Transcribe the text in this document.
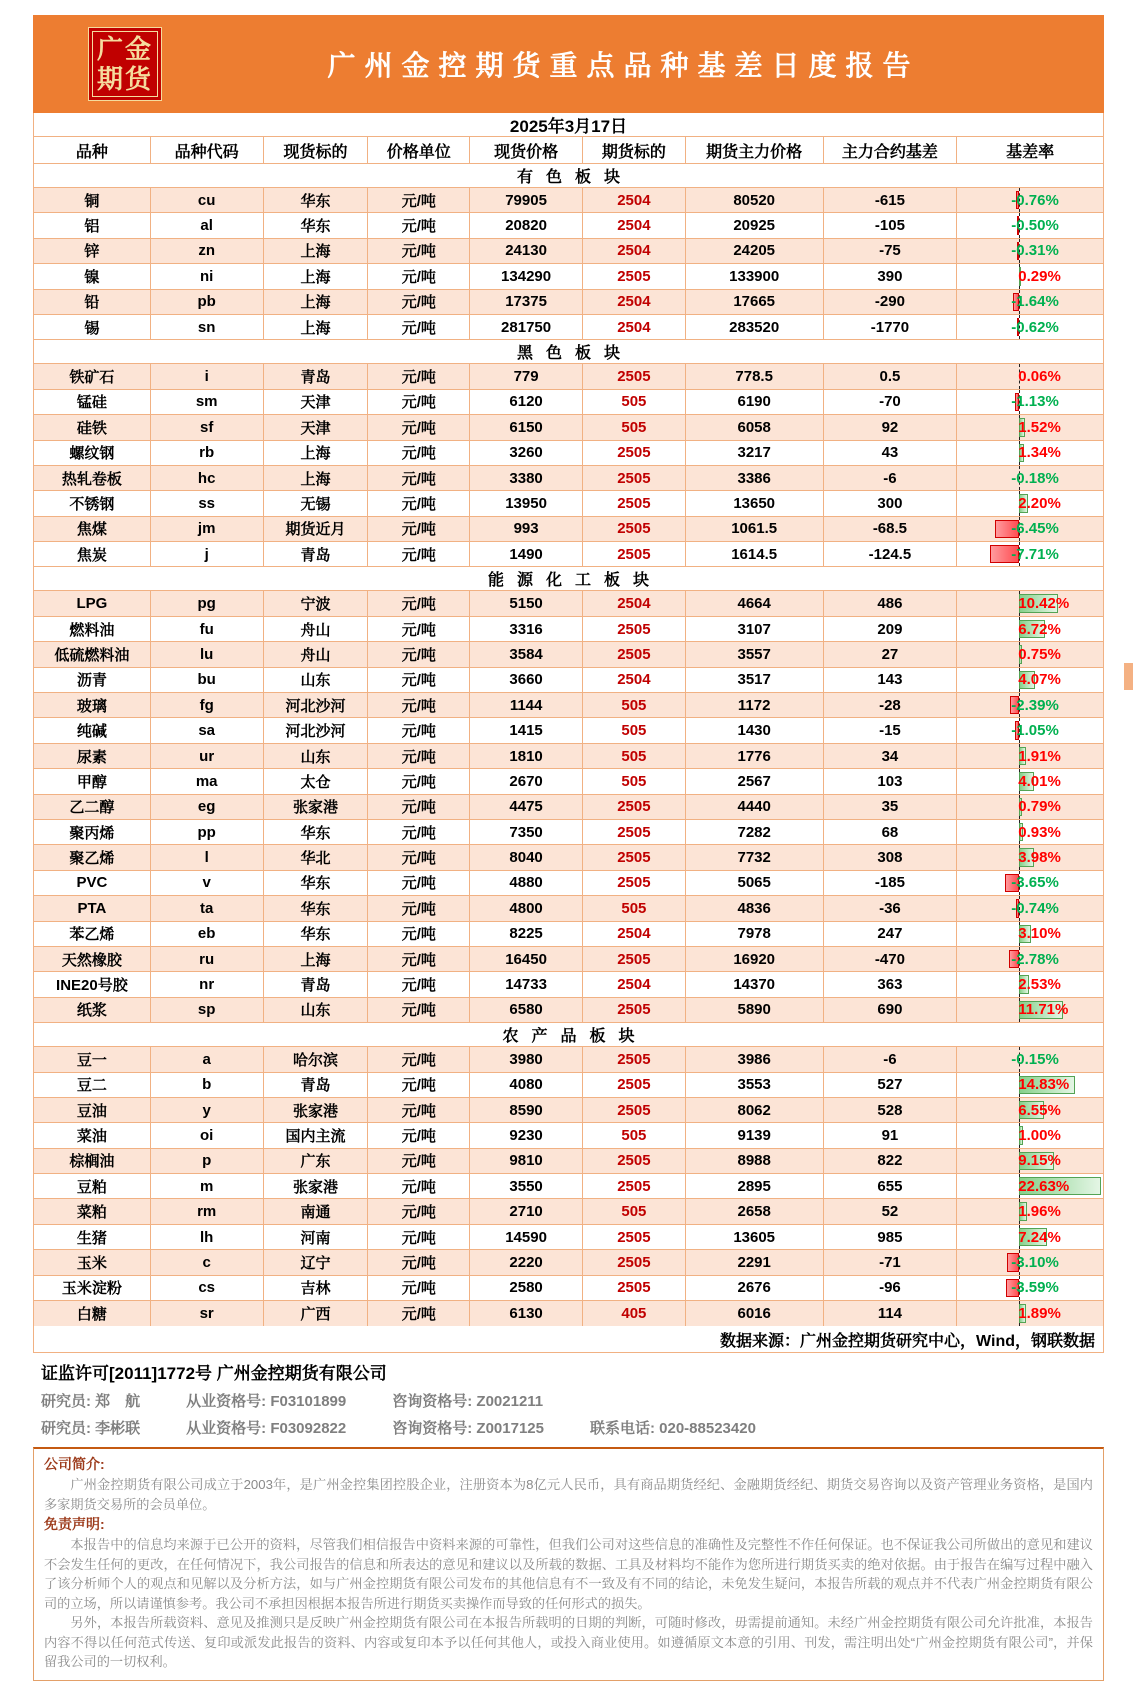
广金
期货	广州金控期货重点品种基差日度报告
2025年3月17日
品种	品种代码	现货标的	价格单位	现货价格	期货标的	期货主力价格	主力合约基差	基差率
有色板块
铜	cu	华东	元/吨	79905	2504	80520	-615	-0.76%
铝	al	华东	元/吨	20820	2504	20925	-105	-0.50%
锌	zn	上海	元/吨	24130	2504	24205	-75	-0.31%
镍	ni	上海	元/吨	134290	2505	133900	390	0.29%
铅	pb	上海	元/吨	17375	2504	17665	-290	-1.64%
锡	sn	上海	元/吨	281750	2504	283520	-1770	-0.62%
黑色板块
铁矿石	i	青岛	元/吨	779	2505	778.5	0.5	0.06%
锰硅	sm	天津	元/吨	6120	505	6190	-70	-1.13%
硅铁	sf	天津	元/吨	6150	505	6058	92	1.52%
螺纹钢	rb	上海	元/吨	3260	2505	3217	43	1.34%
热轧卷板	hc	上海	元/吨	3380	2505	3386	-6	-0.18%
不锈钢	ss	无锡	元/吨	13950	2505	13650	300	2.20%
焦煤	jm	期货近月	元/吨	993	2505	1061.5	-68.5	-6.45%
焦炭	j	青岛	元/吨	1490	2505	1614.5	-124.5	-7.71%
能源化工板块
LPG	pg	宁波	元/吨	5150	2504	4664	486	10.42%
燃料油	fu	舟山	元/吨	3316	2505	3107	209	6.72%
低硫燃料油	lu	舟山	元/吨	3584	2505	3557	27	0.75%
沥青	bu	山东	元/吨	3660	2504	3517	143	4.07%
玻璃	fg	河北沙河	元/吨	1144	505	1172	-28	-2.39%
纯碱	sa	河北沙河	元/吨	1415	505	1430	-15	-1.05%
尿素	ur	山东	元/吨	1810	505	1776	34	1.91%
甲醇	ma	太仓	元/吨	2670	505	2567	103	4.01%
乙二醇	eg	张家港	元/吨	4475	2505	4440	35	0.79%
聚丙烯	pp	华东	元/吨	7350	2505	7282	68	0.93%
聚乙烯	l	华北	元/吨	8040	2505	7732	308	3.98%
PVC	v	华东	元/吨	4880	2505	5065	-185	-3.65%
PTA	ta	华东	元/吨	4800	505	4836	-36	-0.74%
苯乙烯	eb	华东	元/吨	8225	2504	7978	247	3.10%
天然橡胶	ru	上海	元/吨	16450	2505	16920	-470	-2.78%
INE20号胶	nr	青岛	元/吨	14733	2504	14370	363	2.53%
纸浆	sp	山东	元/吨	6580	2505	5890	690	11.71%
农产品板块
豆一	a	哈尔滨	元/吨	3980	2505	3986	-6	-0.15%
豆二	b	青岛	元/吨	4080	2505	3553	527	14.83%
豆油	y	张家港	元/吨	8590	2505	8062	528	6.55%
菜油	oi	国内主流	元/吨	9230	505	9139	91	1.00%
棕榈油	p	广东	元/吨	9810	2505	8988	822	9.15%
豆粕	m	张家港	元/吨	3550	2505	2895	655	22.63%
菜粕	rm	南通	元/吨	2710	505	2658	52	1.96%
生猪	lh	河南	元/吨	14590	2505	13605	985	7.24%
玉米	c	辽宁	元/吨	2220	2505	2291	-71	-3.10%
玉米淀粉	cs	吉林	元/吨	2580	2505	2676	-96	-3.59%
白糖	sr	广西	元/吨	6130	405	6016	114	1.89%
数据来源：广州金控期货研究中心，Wind，钢联数据
证监许可[2011]1772号 广州金控期货有限公司
研究员: 郑　航	从业资格号: F03101899	咨询资格号: Z0021211
研究员: 李彬联	从业资格号: F03092822	咨询资格号: Z0017125	联系电话: 020-88523420
公司简介:

广州金控期货有限公司成立于2003年，是广州金控集团控股企业，注册资本为8亿元人民币，具有商品期货经纪、金融期货经纪、期货交易咨询以及资产管理业务资格，是国内多家期货交易所的会员单位。

免责声明:

本报告中的信息均来源于已公开的资料，尽管我们相信报告中资料来源的可靠性，但我们公司对这些信息的准确性及完整性不作任何保证。也不保证我公司所做出的意见和建议不会发生任何的更改，在任何情况下，我公司报告的信息和所表达的意见和建议以及所载的数据、工具及材料均不能作为您所进行期货买卖的绝对依据。由于报告在编写过程中融入了该分析师个人的观点和见解以及分析方法，如与广州金控期货有限公司发布的其他信息有不一致及有不同的结论，未免发生疑问，本报告所载的观点并不代表广州金控期货有限公司的立场，所以请谨慎参考。我公司不承担因根据本报告所进行期货买卖操作而导致的任何形式的损失。

另外，本报告所载资料、意见及推测只是反映广州金控期货有限公司在本报告所载明的日期的判断，可随时修改，毋需提前通知。未经广州金控期货有限公司允许批准，本报告内容不得以任何范式传送、复印或派发此报告的资料、内容或复印本予以任何其他人，或投入商业使用。如遵循原文本意的引用、刊发，需注明出处“广州金控期货有限公司”，并保留我公司的一切权利。
